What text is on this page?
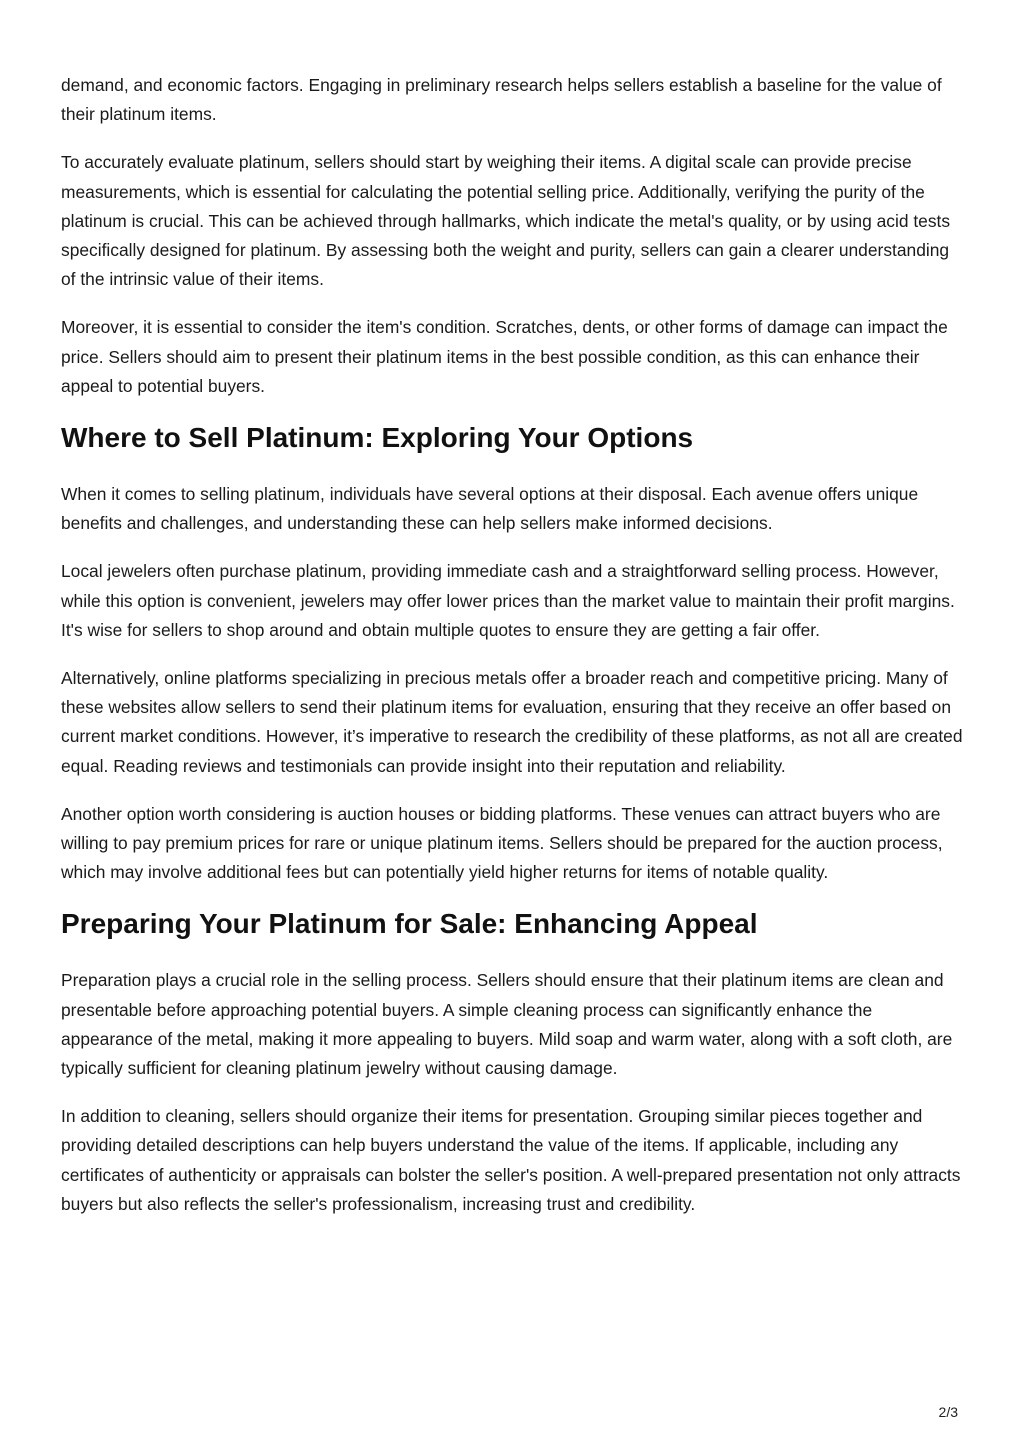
demand, and economic factors. Engaging in preliminary research helps sellers establish a baseline for the value of their platinum items.

To accurately evaluate platinum, sellers should start by weighing their items. A digital scale can provide precise measurements, which is essential for calculating the potential selling price. Additionally, verifying the purity of the platinum is crucial. This can be achieved through hallmarks, which indicate the metal's quality, or by using acid tests specifically designed for platinum. By assessing both the weight and purity, sellers can gain a clearer understanding of the intrinsic value of their items.

Moreover, it is essential to consider the item's condition. Scratches, dents, or other forms of damage can impact the price. Sellers should aim to present their platinum items in the best possible condition, as this can enhance their appeal to potential buyers.

Where to Sell Platinum: Exploring Your Options

When it comes to selling platinum, individuals have several options at their disposal. Each avenue offers unique benefits and challenges, and understanding these can help sellers make informed decisions.

Local jewelers often purchase platinum, providing immediate cash and a straightforward selling process. However, while this option is convenient, jewelers may offer lower prices than the market value to maintain their profit margins. It's wise for sellers to shop around and obtain multiple quotes to ensure they are getting a fair offer.

Alternatively, online platforms specializing in precious metals offer a broader reach and competitive pricing. Many of these websites allow sellers to send their platinum items for evaluation, ensuring that they receive an offer based on current market conditions. However, it’s imperative to research the credibility of these platforms, as not all are created equal. Reading reviews and testimonials can provide insight into their reputation and reliability.

Another option worth considering is auction houses or bidding platforms. These venues can attract buyers who are willing to pay premium prices for rare or unique platinum items. Sellers should be prepared for the auction process, which may involve additional fees but can potentially yield higher returns for items of notable quality.

Preparing Your Platinum for Sale: Enhancing Appeal

Preparation plays a crucial role in the selling process. Sellers should ensure that their platinum items are clean and presentable before approaching potential buyers. A simple cleaning process can significantly enhance the appearance of the metal, making it more appealing to buyers. Mild soap and warm water, along with a soft cloth, are typically sufficient for cleaning platinum jewelry without causing damage.

In addition to cleaning, sellers should organize their items for presentation. Grouping similar pieces together and providing detailed descriptions can help buyers understand the value of the items. If applicable, including any certificates of authenticity or appraisals can bolster the seller's position. A well-prepared presentation not only attracts buyers but also reflects the seller's professionalism, increasing trust and credibility.

2/3
